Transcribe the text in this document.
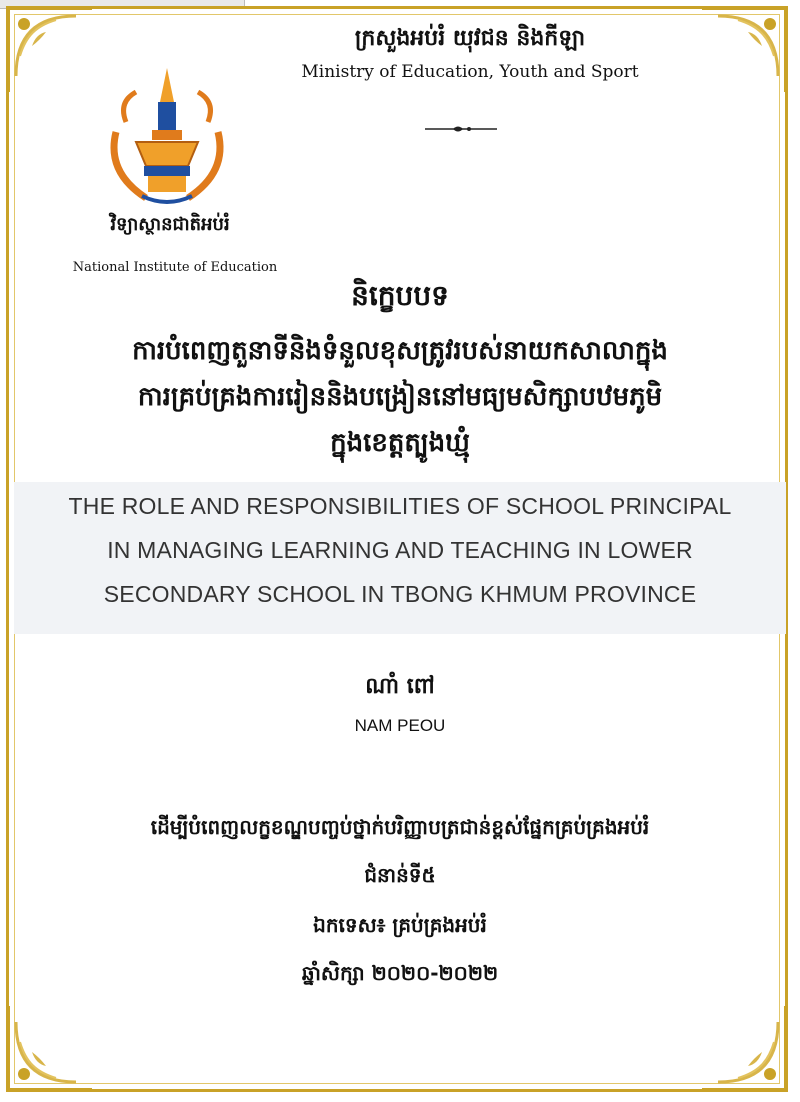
ក្រសួងអប់រំ យុវជន និងកីឡា
Ministry of Education, Youth and Sport
វិទ្យាស្ថានជាតិអប់រំ
National Institute of Education
និក្ខេបបទ
ការបំពេញតួនាទីនិងទំនួលខុសត្រូវរបស់នាយកសាលាក្នុង
ការគ្រប់គ្រងការរៀននិងបង្រៀននៅមធ្យមសិក្សាបឋមភូមិ
ក្នុងខេត្តត្បូងឃ្មុំ
THE ROLE AND RESPONSIBILITIES OF SCHOOL PRINCIPAL
IN MANAGING LEARNING AND TEACHING IN LOWER
SECONDARY SCHOOL IN TBONG KHMUM PROVINCE
ណាំ ពៅ
NAM PEOU
ដើម្បីបំពេញលក្ខខណ្ឌបញ្ចប់ថ្នាក់បរិញ្ញាបត្រជាន់ខ្ពស់ផ្នែកគ្រប់គ្រងអប់រំ
ជំនាន់ទី៥
ឯកទេស៖ គ្រប់គ្រងអប់រំ
ឆ្នាំសិក្សា ២០២០-២០២២
